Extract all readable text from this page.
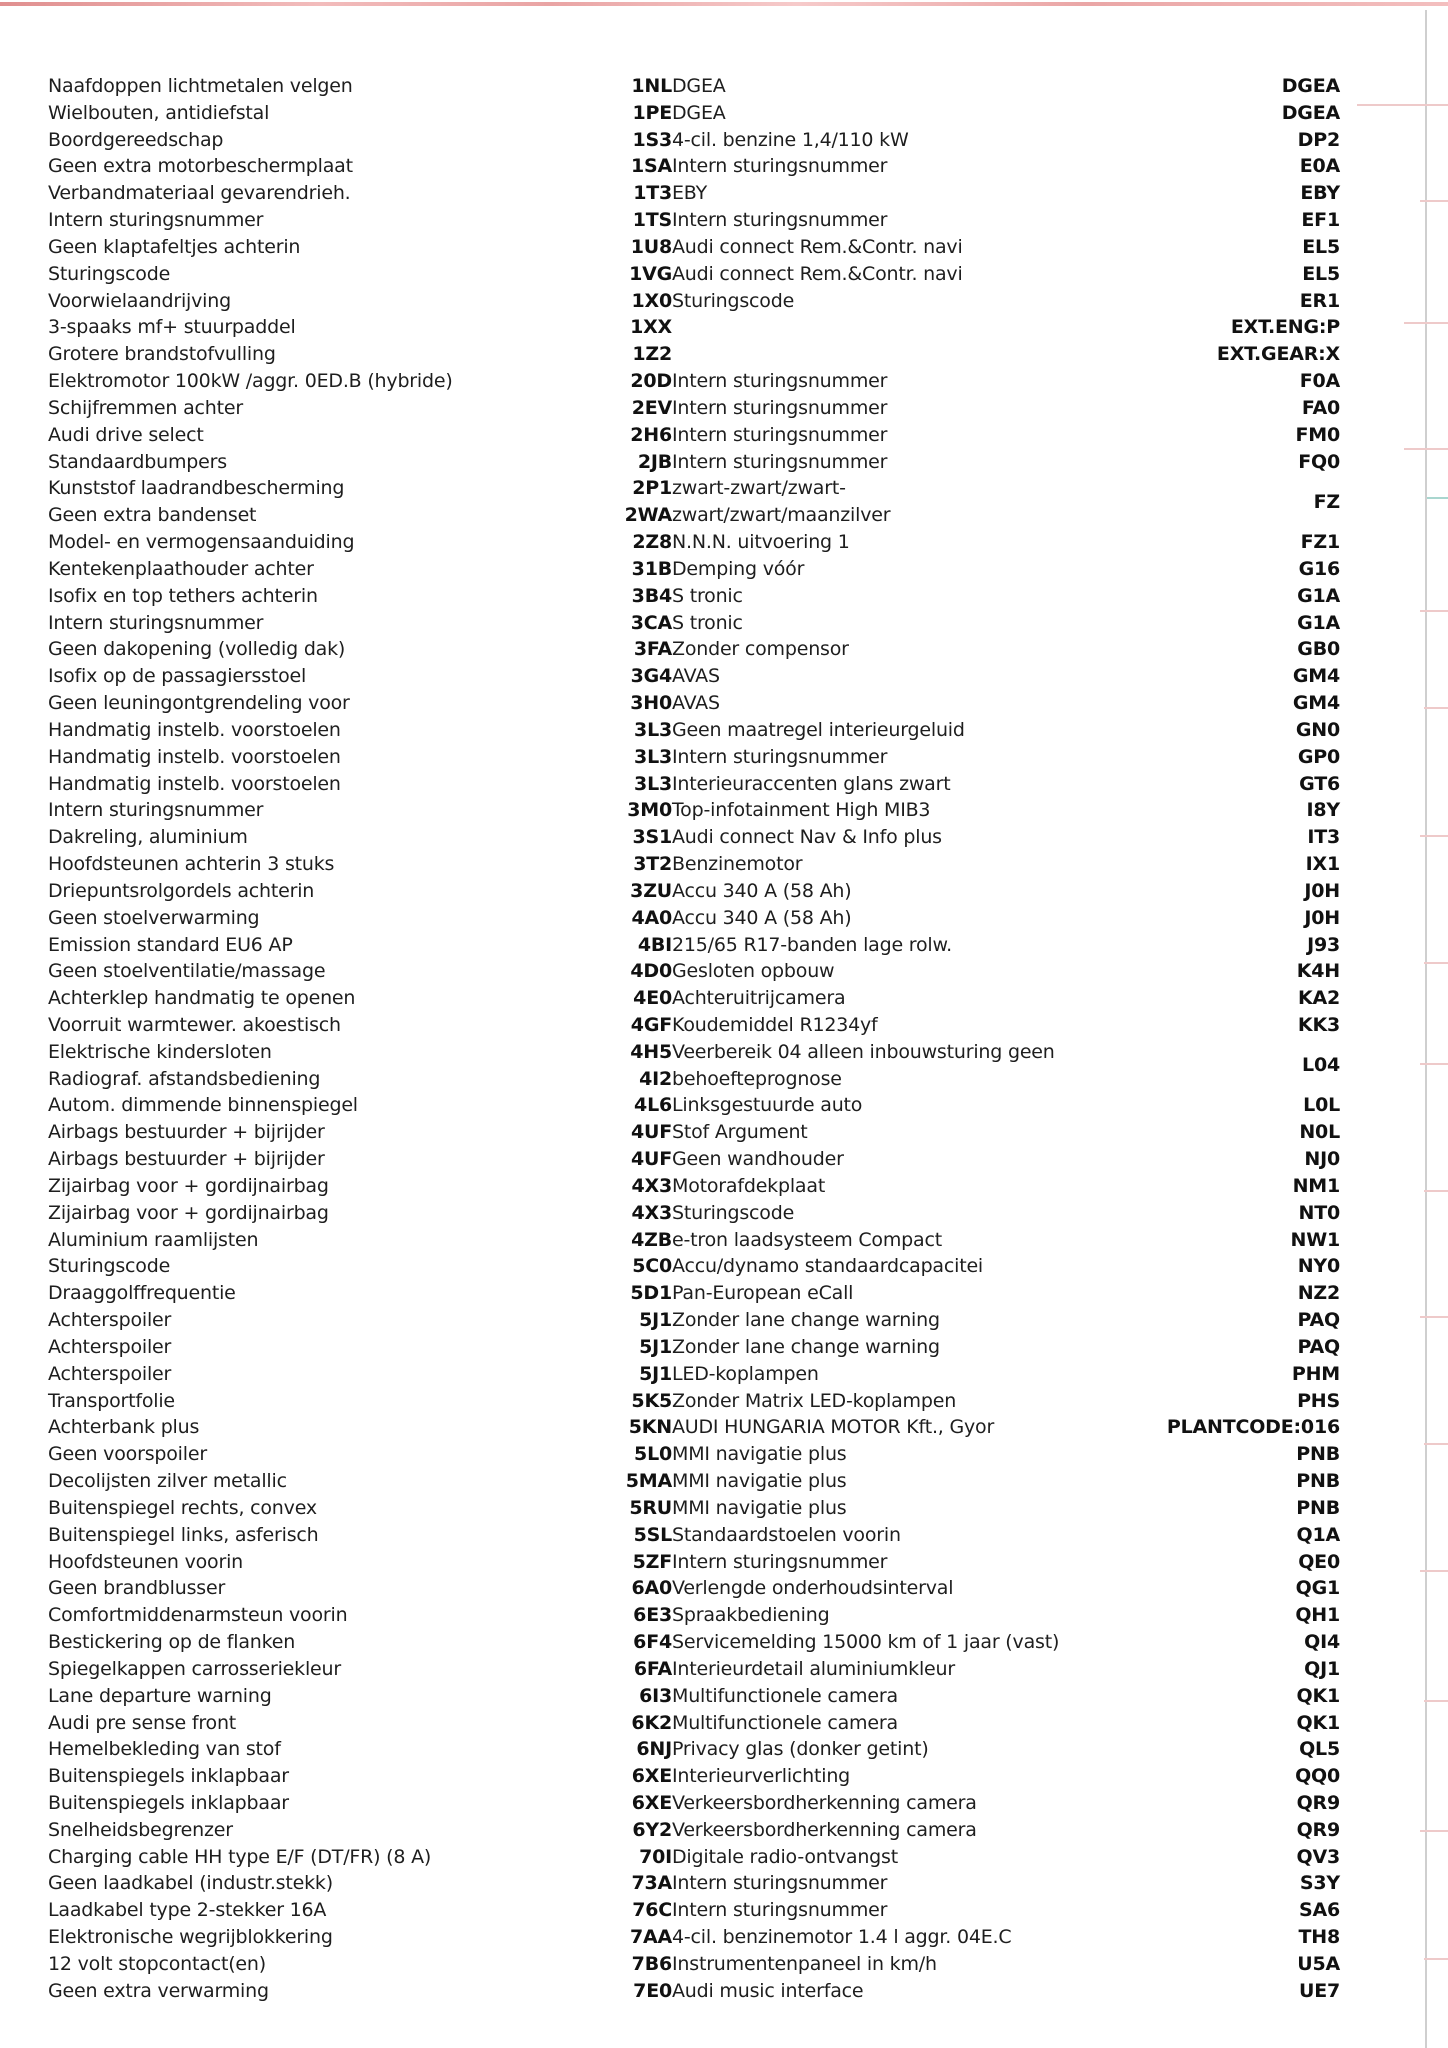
Naafdoppen lichtmetalen velgen	1NL	DGEA	DGEA
Wielbouten, antidiefstal	1PE	DGEA	DGEA
Boordgereedschap	1S3	4-cil. benzine 1,4/110 kW	DP2
Geen extra motorbeschermplaat	1SA	Intern sturingsnummer	E0A
Verbandmateriaal gevarendrieh.	1T3	EBY	EBY
Intern sturingsnummer	1TS	Intern sturingsnummer	EF1
Geen klaptafeltjes achterin	1U8	Audi connect Rem.&Contr. navi	EL5
Sturingscode	1VG	Audi connect Rem.&Contr. navi	EL5
Voorwielaandrijving	1X0	Sturingscode	ER1
3-spaaks mf+ stuurpaddel	1XX		EXT.ENG:P
Grotere brandstofvulling	1Z2		EXT.GEAR:X
Elektromotor 100kW /aggr. 0ED.B (hybride)	20D	Intern sturingsnummer	F0A
Schijfremmen achter	2EV	Intern sturingsnummer	FA0
Audi drive select	2H6	Intern sturingsnummer	FM0
Standaardbumpers	2JB	Intern sturingsnummer	FQ0
Kunststof laadrandbescherming	2P1	zwart-zwart/zwart-	FZ
Geen extra bandenset	2WA	zwart/zwart/maanzilver	
Model- en vermogensaanduiding	2Z8	N.N.N. uitvoering 1	FZ1
Kentekenplaathouder achter	31B	Demping vóór	G16
Isofix en top tethers achterin	3B4	S tronic	G1A
Intern sturingsnummer	3CA	S tronic	G1A
Geen dakopening (volledig dak)	3FA	Zonder compensor	GB0
Isofix op de passagiersstoel	3G4	AVAS	GM4
Geen leuningontgrendeling voor	3H0	AVAS	GM4
Handmatig instelb. voorstoelen	3L3	Geen maatregel interieurgeluid	GN0
Handmatig instelb. voorstoelen	3L3	Intern sturingsnummer	GP0
Handmatig instelb. voorstoelen	3L3	Interieuraccenten glans zwart	GT6
Intern sturingsnummer	3M0	Top-infotainment High MIB3	I8Y
Dakreling, aluminium	3S1	Audi connect Nav & Info plus	IT3
Hoofdsteunen achterin 3 stuks	3T2	Benzinemotor	IX1
Driepuntsrolgordels achterin	3ZU	Accu 340 A (58 Ah)	J0H
Geen stoelverwarming	4A0	Accu 340 A (58 Ah)	J0H
Emission standard EU6 AP	4BI	215/65 R17-banden lage rolw.	J93
Geen stoelventilatie/massage	4D0	Gesloten opbouw	K4H
Achterklep handmatig te openen	4E0	Achteruitrijcamera	KA2
Voorruit warmtewer. akoestisch	4GF	Koudemiddel R1234yf	KK3
Elektrische kindersloten	4H5	Veerbereik 04 alleen inbouwsturing geen	L04
Radiograf. afstandsbediening	4I2	behoefteprognose	
Autom. dimmende binnenspiegel	4L6	Linksgestuurde auto	L0L
Airbags bestuurder + bijrijder	4UF	Stof Argument	N0L
Airbags bestuurder + bijrijder	4UF	Geen wandhouder	NJ0
Zijairbag voor + gordijnairbag	4X3	Motorafdekplaat	NM1
Zijairbag voor + gordijnairbag	4X3	Sturingscode	NT0
Aluminium raamlijsten	4ZB	e-tron laadsysteem Compact	NW1
Sturingscode	5C0	Accu/dynamo standaardcapacitei	NY0
Draaggolffrequentie	5D1	Pan-European eCall	NZ2
Achterspoiler	5J1	Zonder lane change warning	PAQ
Achterspoiler	5J1	Zonder lane change warning	PAQ
Achterspoiler	5J1	LED-koplampen	PHM
Transportfolie	5K5	Zonder Matrix LED-koplampen	PHS
Achterbank plus	5KN	AUDI HUNGARIA MOTOR Kft., Gyor	PLANTCODE:016
Geen voorspoiler	5L0	MMI navigatie plus	PNB
Decolijsten zilver metallic	5MA	MMI navigatie plus	PNB
Buitenspiegel rechts, convex	5RU	MMI navigatie plus	PNB
Buitenspiegel links, asferisch	5SL	Standaardstoelen voorin	Q1A
Hoofdsteunen voorin	5ZF	Intern sturingsnummer	QE0
Geen brandblusser	6A0	Verlengde onderhoudsinterval	QG1
Comfortmiddenarmsteun voorin	6E3	Spraakbediening	QH1
Bestickering op de flanken	6F4	Servicemelding 15000 km of 1 jaar (vast)	QI4
Spiegelkappen carrosseriekleur	6FA	Interieurdetail aluminiumkleur	QJ1
Lane departure warning	6I3	Multifunctionele camera	QK1
Audi pre sense front	6K2	Multifunctionele camera	QK1
Hemelbekleding van stof	6NJ	Privacy glas (donker getint)	QL5
Buitenspiegels inklapbaar	6XE	Interieurverlichting	QQ0
Buitenspiegels inklapbaar	6XE	Verkeersbordherkenning camera	QR9
Snelheidsbegrenzer	6Y2	Verkeersbordherkenning camera	QR9
Charging cable HH type E/F (DT/FR) (8 A)	70I	Digitale radio-ontvangst	QV3
Geen laadkabel (industr.stekk)	73A	Intern sturingsnummer	S3Y
Laadkabel type 2-stekker 16A	76C	Intern sturingsnummer	SA6
Elektronische wegrijblokkering	7AA	4-cil. benzinemotor 1.4 l aggr. 04E.C	TH8
12 volt stopcontact(en)	7B6	Instrumentenpaneel in km/h	U5A
Geen extra verwarming	7E0	Audi music interface	UE7
